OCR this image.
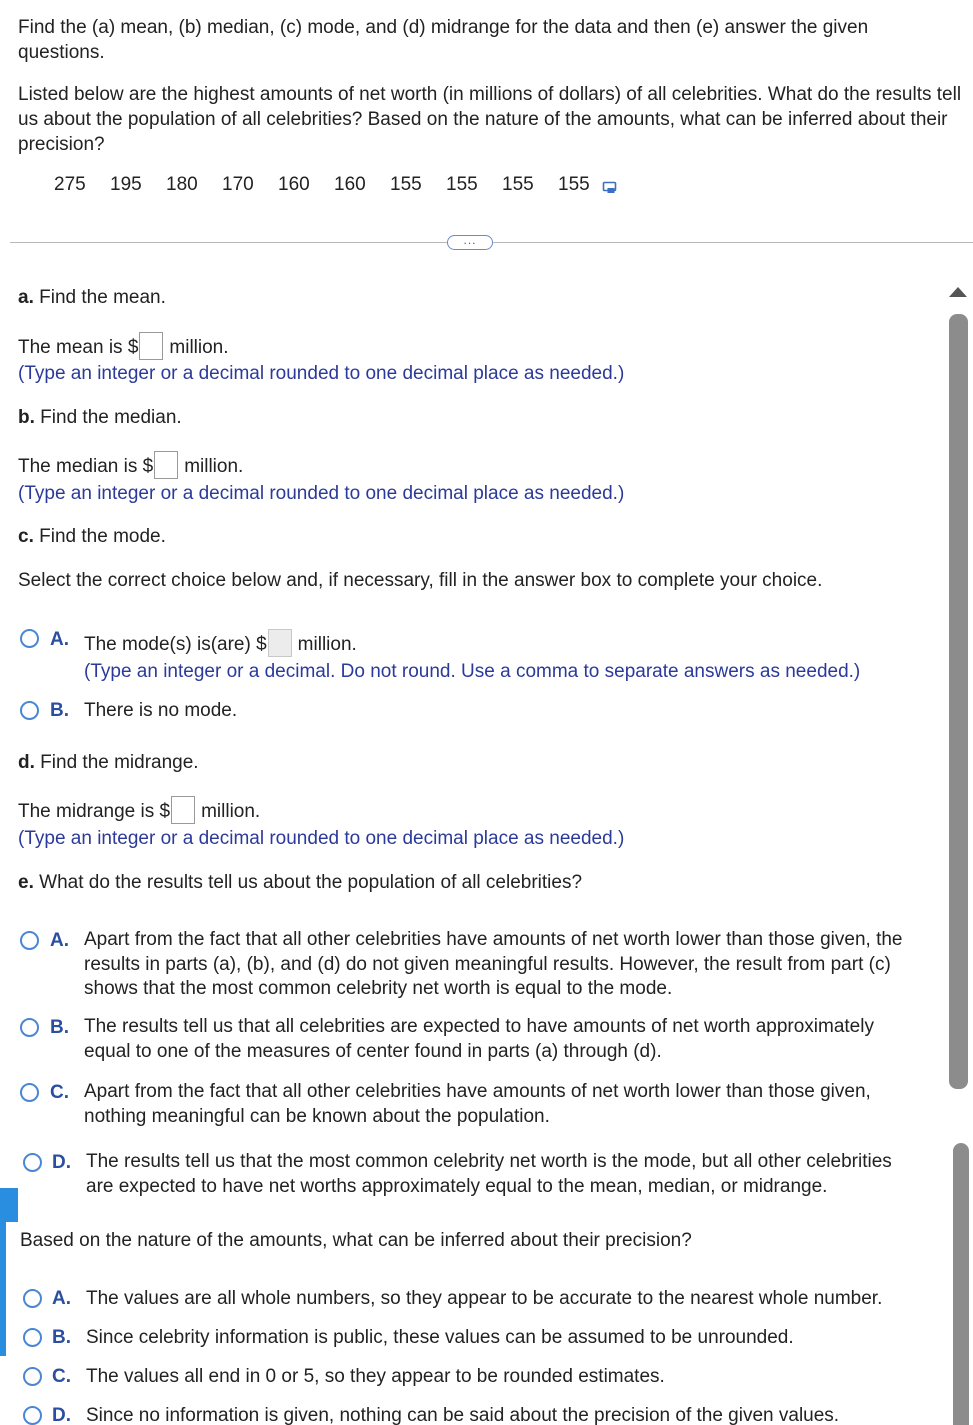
Find the (a) mean, (b) median, (c) mode, and (d) midrange for the data and then (e) answer the given questions.
Listed below are the highest amounts of net worth (in millions of dollars) of all celebrities. What do the results tell us about the population of all celebrities? Based on the nature of the amounts, what can be inferred about their precision?
275	195	180	170	160	160	155	155	155	155
...
a. Find the mean.
The mean is $ million.
(Type an integer or a decimal rounded to one decimal place as needed.)
b. Find the median.
The median is $ million.
(Type an integer or a decimal rounded to one decimal place as needed.)
c. Find the mode.
Select the correct choice below and, if necessary, fill in the answer box to complete your choice.
A. The mode(s) is(are) $ million.
(Type an integer or a decimal. Do not round. Use a comma to separate answers as needed.)
B. There is no mode.
d. Find the midrange.
The midrange is $ million.
(Type an integer or a decimal rounded to one decimal place as needed.)
e. What do the results tell us about the population of all celebrities?
A. Apart from the fact that all other celebrities have amounts of net worth lower than those given, the
results in parts (a), (b), and (d) do not given meaningful results. However, the result from part (c)
shows that the most common celebrity net worth is equal to the mode.
B. The results tell us that all celebrities are expected to have amounts of net worth approximately
equal to one of the measures of center found in parts (a) through (d).
C. Apart from the fact that all other celebrities have amounts of net worth lower than those given,
nothing meaningful can be known about the population.
D. The results tell us that the most common celebrity net worth is the mode, but all other celebrities
are expected to have net worths approximately equal to the mean, median, or midrange.
Based on the nature of the amounts, what can be inferred about their precision?
A. The values are all whole numbers, so they appear to be accurate to the nearest whole number.
B. Since celebrity information is public, these values can be assumed to be unrounded.
C. The values all end in 0 or 5, so they appear to be rounded estimates.
D. Since no information is given, nothing can be said about the precision of the given values.
